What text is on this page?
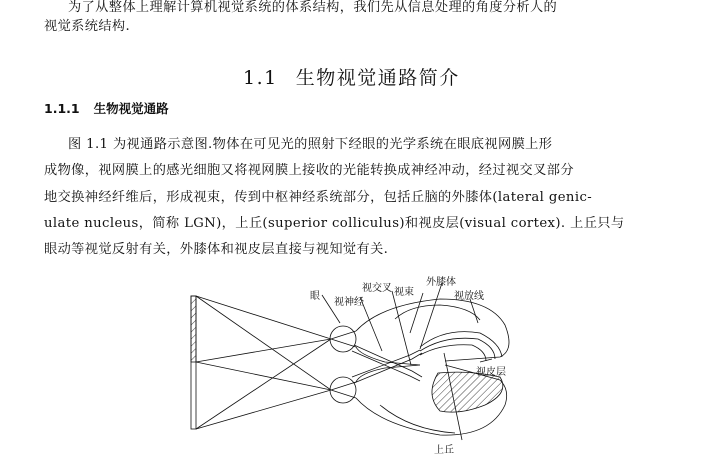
为了从整体上理解计算机视觉系统的体系结构，我们先从信息处理的角度分析人的
视觉系统结构.
1.1 生物视觉通路简介
1.1.1 生物视觉通路
图 1.1 为视通路示意图.物体在可见光的照射下经眼的光学系统在眼底视网膜上形
成物像，视网膜上的感光细胞又将视网膜上接收的光能转换成神经冲动，经过视交叉部分
地交换神经纤维后，形成视束，传到中枢神经系统部分，包括丘脑的外膝体(lateral genic-
ulate nucleus，简称 LGN)，上丘(superior colliculus)和视皮层(visual cortex). 上丘只与
眼动等视觉反射有关，外膝体和视皮层直接与视知觉有关.
眼
视神经
视交叉 视束
外膝体
视放线
视皮层
上丘
